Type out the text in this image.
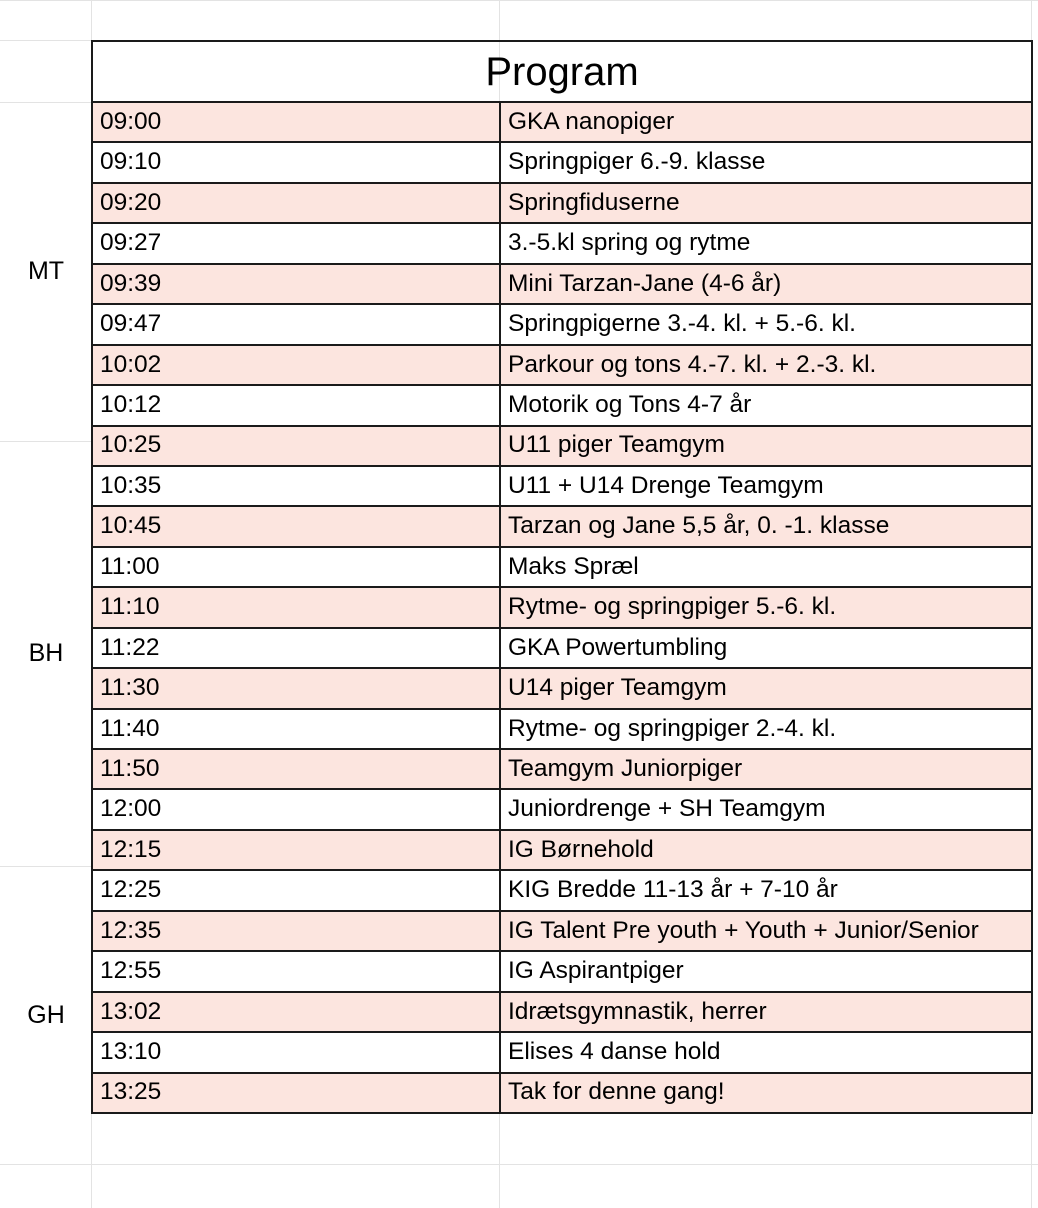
MT
BH
GH
Program	
09:00	GKA nanopiger
09:10	Springpiger 6.-9. klasse
09:20	Springfiduserne
09:27	3.-5.kl spring og rytme
09:39	Mini Tarzan-Jane (4-6 år)
09:47	Springpigerne 3.-4. kl. + 5.-6. kl.
10:02	Parkour og tons 4.-7. kl. + 2.-3. kl.
10:12	Motorik og Tons 4-7 år
10:25	U11 piger Teamgym
10:35	U11 + U14 Drenge Teamgym
10:45	Tarzan og Jane 5,5 år, 0. -1. klasse
11:00	Maks Spræl
11:10	Rytme- og springpiger 5.-6. kl.
11:22	GKA Powertumbling
11:30	U14 piger Teamgym
11:40	Rytme- og springpiger 2.-4. kl.
11:50	Teamgym Juniorpiger
12:00	Juniordrenge + SH Teamgym
12:15	IG Børnehold
12:25	KIG Bredde 11-13 år + 7-10 år
12:35	IG Talent Pre youth + Youth + Junior/Senior
12:55	IG Aspirantpiger
13:02	Idrætsgymnastik, herrer
13:10	Elises 4 danse hold
13:25	Tak for denne gang!
